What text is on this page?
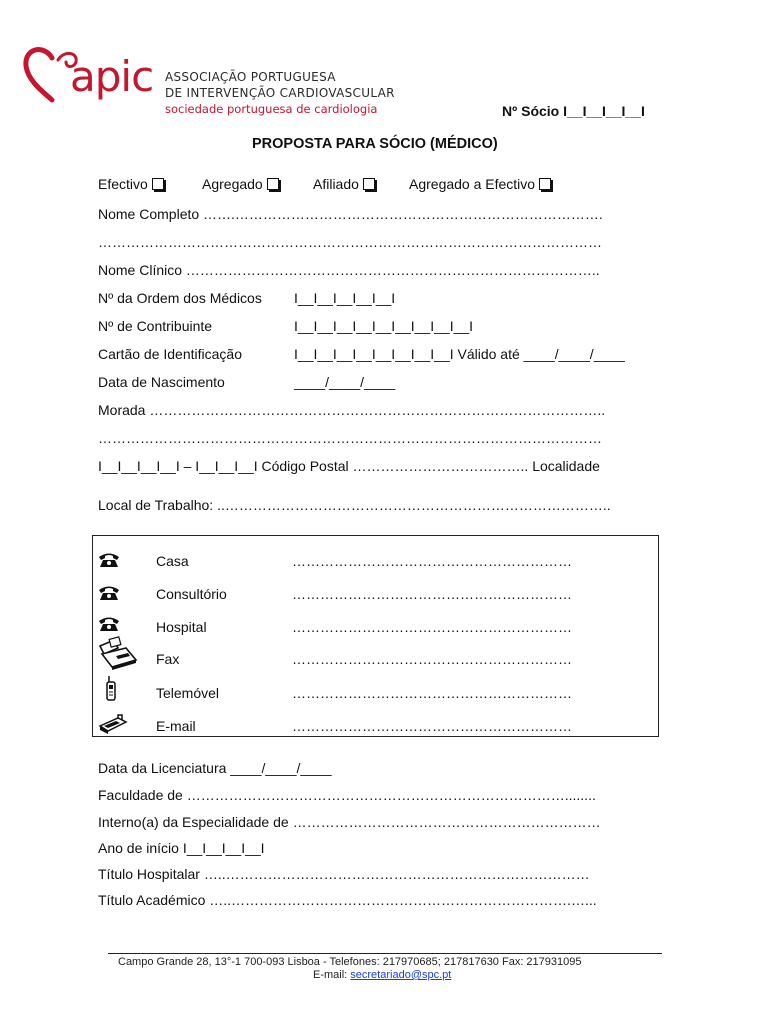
apic ASSOCIAÇÃO PORTUGUESA
DE INTERVENÇÃO CARDIOVASCULAR
sociedade portuguesa de cardiologia	Nº Sócio I__I__I__I__I
PROPOSTA PARA SÓCIO (MÉDICO)
Efectivo	Agregado	Afiliado	Agregado a Efectivo
Nome Completo …….…………………………………………………………………….
………………………………………………………………………………………………
Nome Clínico ……………………………………………………………………………..
Nº da Ordem dos Médicos I__I__I__I__I__I
Nº de Contribuinte	I__I__I__I__I__I__I__I__I__I
Cartão de Identificação	I__I__I__I__I__I__I__I__I Válido até ____/____/____
Data de Nascimento	____/____/____
Morada ……………………………………………………………………………………..
………………………………………………………………………………………………
I__I__I__I__I – I__I__I__I Código Postal ……………………………….. Localidade
Local de Trabalho: ..………………………………………………………………………..
Casa	……………………………………………………
Consultório	……………………………………………………
Hospital	……………………………………………………
Fax	……………………………………………………
Telemóvel	……………………………………………………
E-mail	……………………………………………………
Data da Licenciatura ____/____/____
Faculdade de ………………………………………………………………………........
Interno(a) da Especialidade de …………………………………………………………
Ano de início I__I__I__I__I
Título Hospitalar …..……………………………………………………………………
Título Académico …..……………………………………………………………….…...
Campo Grande 28, 13°-1 700-093 Lisboa - Telefones: 217970685; 217817630 Fax: 217931095
E-mail: secretariado@spc.pt
